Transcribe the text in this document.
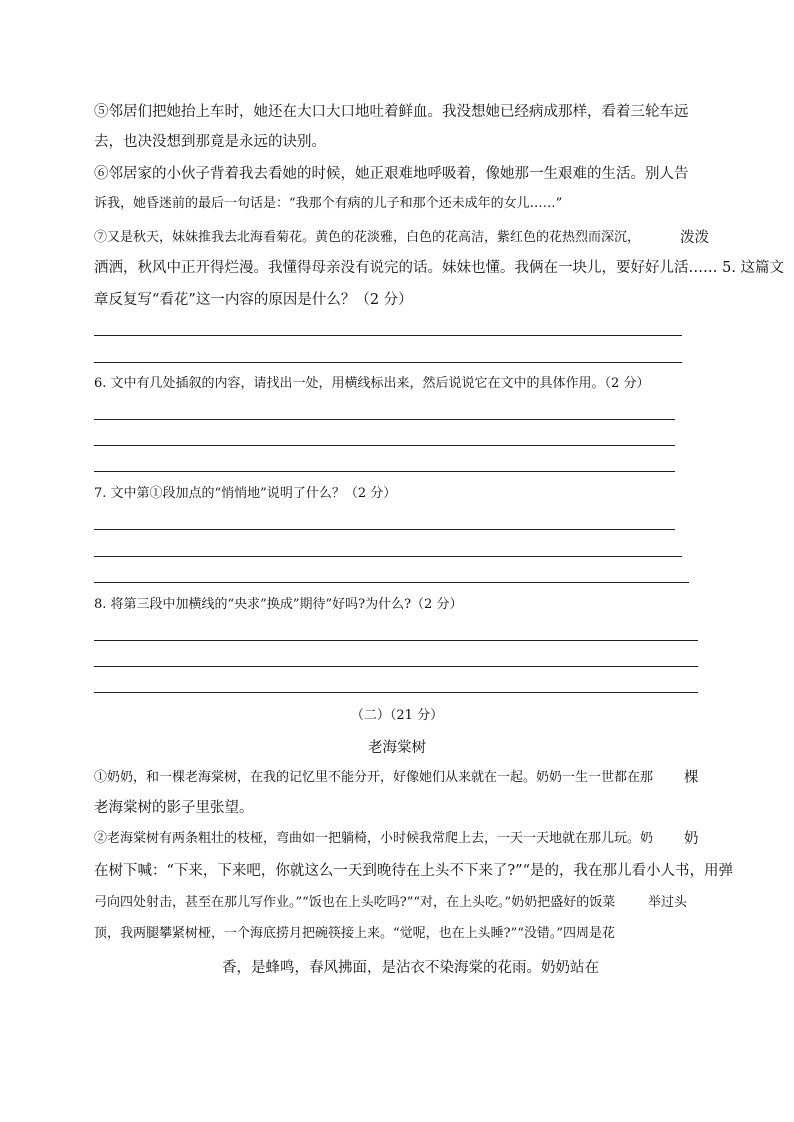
⑤邻居们把她抬上车时，她还在大口大口地吐着鲜血。我没想她已经病成那样，看着三轮车远
去，也决没想到那竟是永远的诀别。
⑥邻居家的小伙子背着我去看她的时候，她正艰难地呼吸着，像她那一生艰难的生活。别人告
诉我，她昏迷前的最后一句话是：“我那个有病的儿子和那个还未成年的女儿……”
⑦又是秋天，妹妹推我去北海看菊花。黄色的花淡雅，白色的花高洁，紫红色的花热烈而深沉，	泼泼
洒洒，秋风中正开得烂漫。我懂得母亲没有说完的话。妹妹也懂。我俩在一块儿，要好好儿活…… 5. 这篇文
章反复写“看花”这一内容的原因是什么？（2 分）
6. 文中有几处插叙的内容，请找出一处，用横线标出来，然后说说它在文中的具体作用。（2 分）
7. 文中第①段加点的“悄悄地”说明了什么？（2 分）
8. 将第三段中加横线的“央求”换成”期待”好吗?为什么?（2 分）
（二）（21 分）
老海棠树
①奶奶，和一棵老海棠树，在我的记忆里不能分开，好像她们从来就在一起。奶奶一生一世都在那 棵
老海棠树的影子里张望。
②老海棠树有两条粗壮的枝桠，弯曲如一把躺椅，小时候我常爬上去，一天一天地就在那儿玩。奶 奶
在树下喊：“下来，下来吧，你就这么一天到晚待在上头不下来了?”“是的，我在那儿看小人书，用弹
弓向四处射击，甚至在那儿写作业。”“饭也在上头吃吗?”“对，在上头吃。”奶奶把盛好的饭菜	举过头
顶，我两腿攀紧树桠，一个海底捞月把碗筷接上来。“觉呢，也在上头睡?”“没错。”四周是花
香，是蜂鸣，春风拂面，是沾衣不染海棠的花雨。奶奶站在
